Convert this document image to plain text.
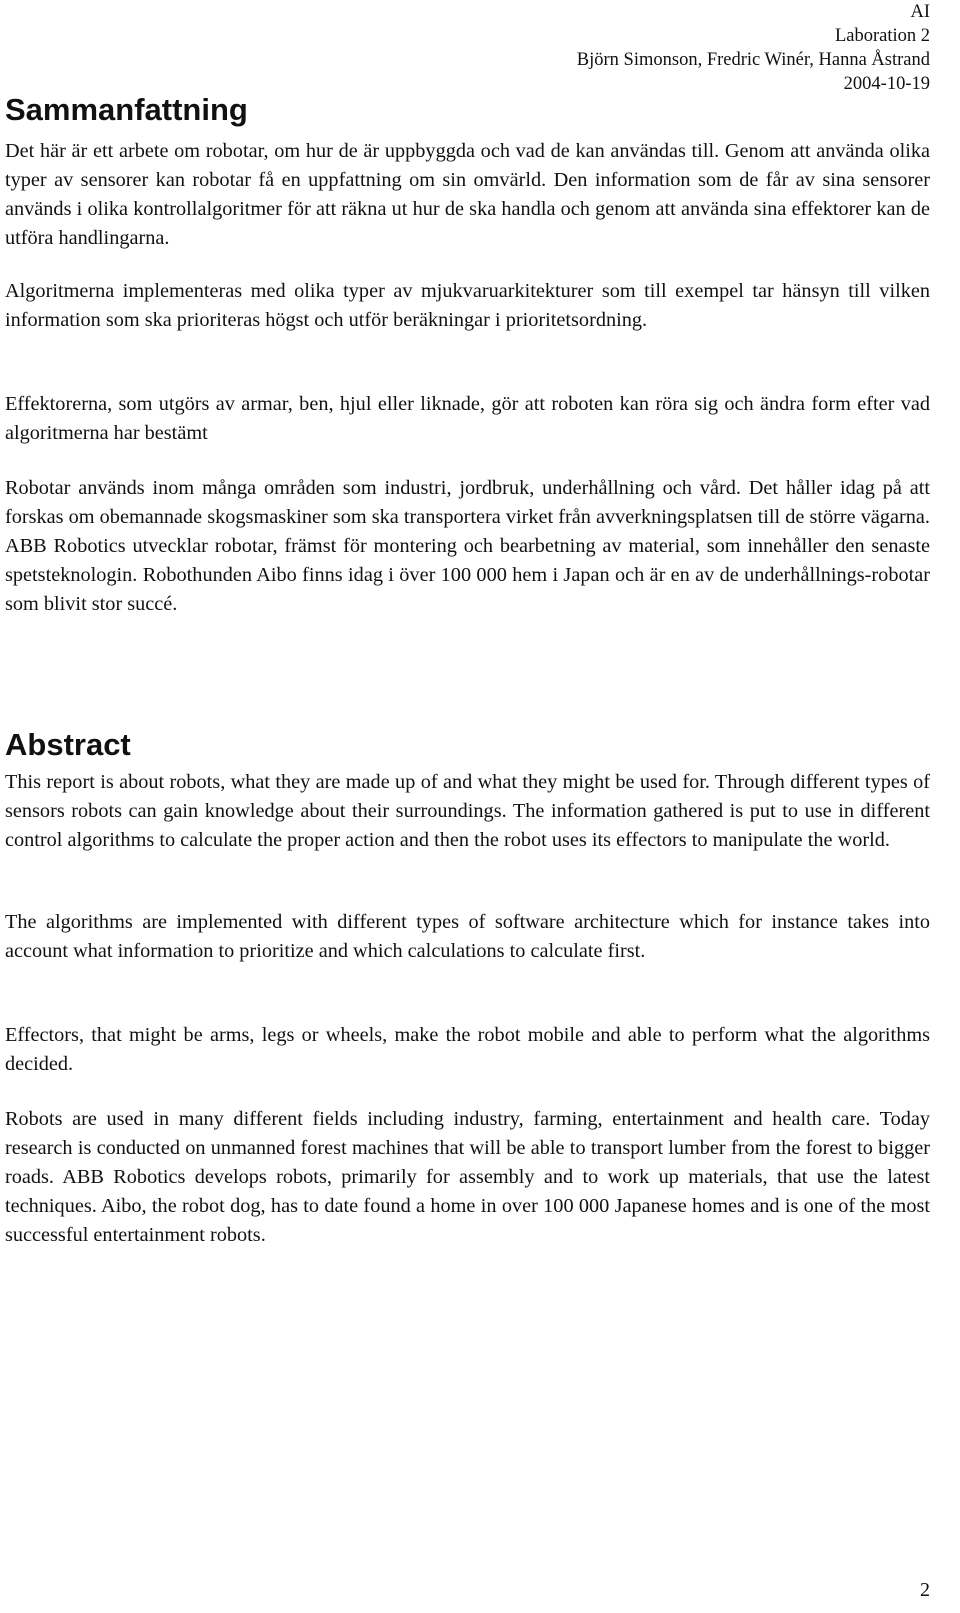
AI
Laboration 2
Björn Simonson, Fredric Winér, Hanna Åstrand
2004-10-19
Sammanfattning

Det här är ett arbete om robotar, om hur de är uppbyggda och vad de kan användas till. Genom att använda olika typer av sensorer kan robotar få en uppfattning om sin omvärld. Den information som de får av sina sensorer används i olika kontrollalgoritmer för att räkna ut hur de ska handla och genom att använda sina effektorer kan de utföra handlingarna.

Algoritmerna implementeras med olika typer av mjukvaruarkitekturer som till exempel tar hänsyn till vilken information som ska prioriteras högst och utför beräkningar i prioritetsordning.

Effektorerna, som utgörs av armar, ben, hjul eller liknade, gör att roboten kan röra sig och ändra form efter vad algoritmerna har bestämt

Robotar används inom många områden som industri, jordbruk, underhållning och vård. Det håller idag på att forskas om obemannade skogsmaskiner som ska transportera virket från avverkningsplatsen till de större vägarna. ABB Robotics utvecklar robotar, främst för montering och bearbetning av material, som innehåller den senaste spetsteknologin. Robothunden Aibo finns idag i över 100 000 hem i Japan och är en av de underhållnings-robotar som blivit stor succé.

Abstract

This report is about robots, what they are made up of and what they might be used for. Through different types of sensors robots can gain knowledge about their surroundings. The information gathered is put to use in different control algorithms to calculate the proper action and then the robot uses its effectors to manipulate the world.

The algorithms are implemented with different types of software architecture which for instance takes into account what information to prioritize and which calculations to calculate first.

Effectors, that might be arms, legs or wheels, make the robot mobile and able to perform what the algorithms decided.

Robots are used in many different fields including industry, farming, entertainment and health care. Today research is conducted on unmanned forest machines that will be able to transport lumber from the forest to bigger roads. ABB Robotics develops robots, primarily for assembly and to work up materials, that use the latest techniques. Aibo, the robot dog, has to date found a home in over 100 000 Japanese homes and is one of the most successful entertainment robots.

2
